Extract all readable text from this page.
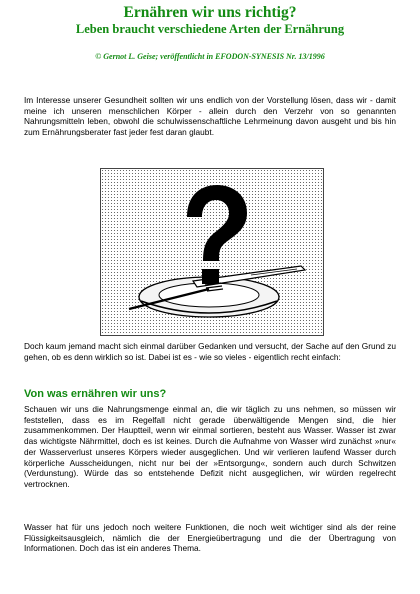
Ernähren wir uns richtig?
Leben braucht verschiedene Arten der Ernährung

© Gernot L. Geise; veröffentlicht in EFODON-SYNESIS Nr. 13/1996

Im Interesse unserer Gesundheit sollten wir uns endlich von der Vorstellung lösen, dass wir - damit meine ich unseren menschlichen Körper - allein durch den Verzehr von so genannten Nahrungsmitteln leben, obwohl die schulwissenschaftliche Lehrmeinung davon ausgeht und bis hin zum Ernährungsberater fast jeder fest daran glaubt.

Doch kaum jemand macht sich einmal darüber Gedanken und versucht, der Sache auf den Grund zu gehen, ob es denn wirklich so ist. Dabei ist es - wie so vieles - eigentlich recht einfach:

Von was ernähren wir uns?

Schauen wir uns die Nahrungsmenge einmal an, die wir täglich zu uns nehmen, so müssen wir feststellen, dass es im Regelfall nicht gerade überwältigende Mengen sind, die hier zusammenkommen. Der Hauptteil, wenn wir einmal sortieren, besteht aus Wasser. Wasser ist zwar das wichtigste Nährmittel, doch es ist keines. Durch die Aufnahme von Wasser wird zunächst »nur« der Wasserverlust unseres Körpers wieder ausgeglichen. Und wir verlieren laufend Wasser durch körperliche Ausscheidungen, nicht nur bei der »Entsorgung«, sondern auch durch Schwitzen (Verdunstung). Würde das so entstehende Defizit nicht ausgeglichen, wir würden regelrecht vertrocknen.

Wasser hat für uns jedoch noch weitere Funktionen, die noch weit wichtiger sind als der reine Flüssigkeitsausgleich, nämlich die der Energieübertragung und die der Übertragung von Informationen. Doch das ist ein anderes Thema.
